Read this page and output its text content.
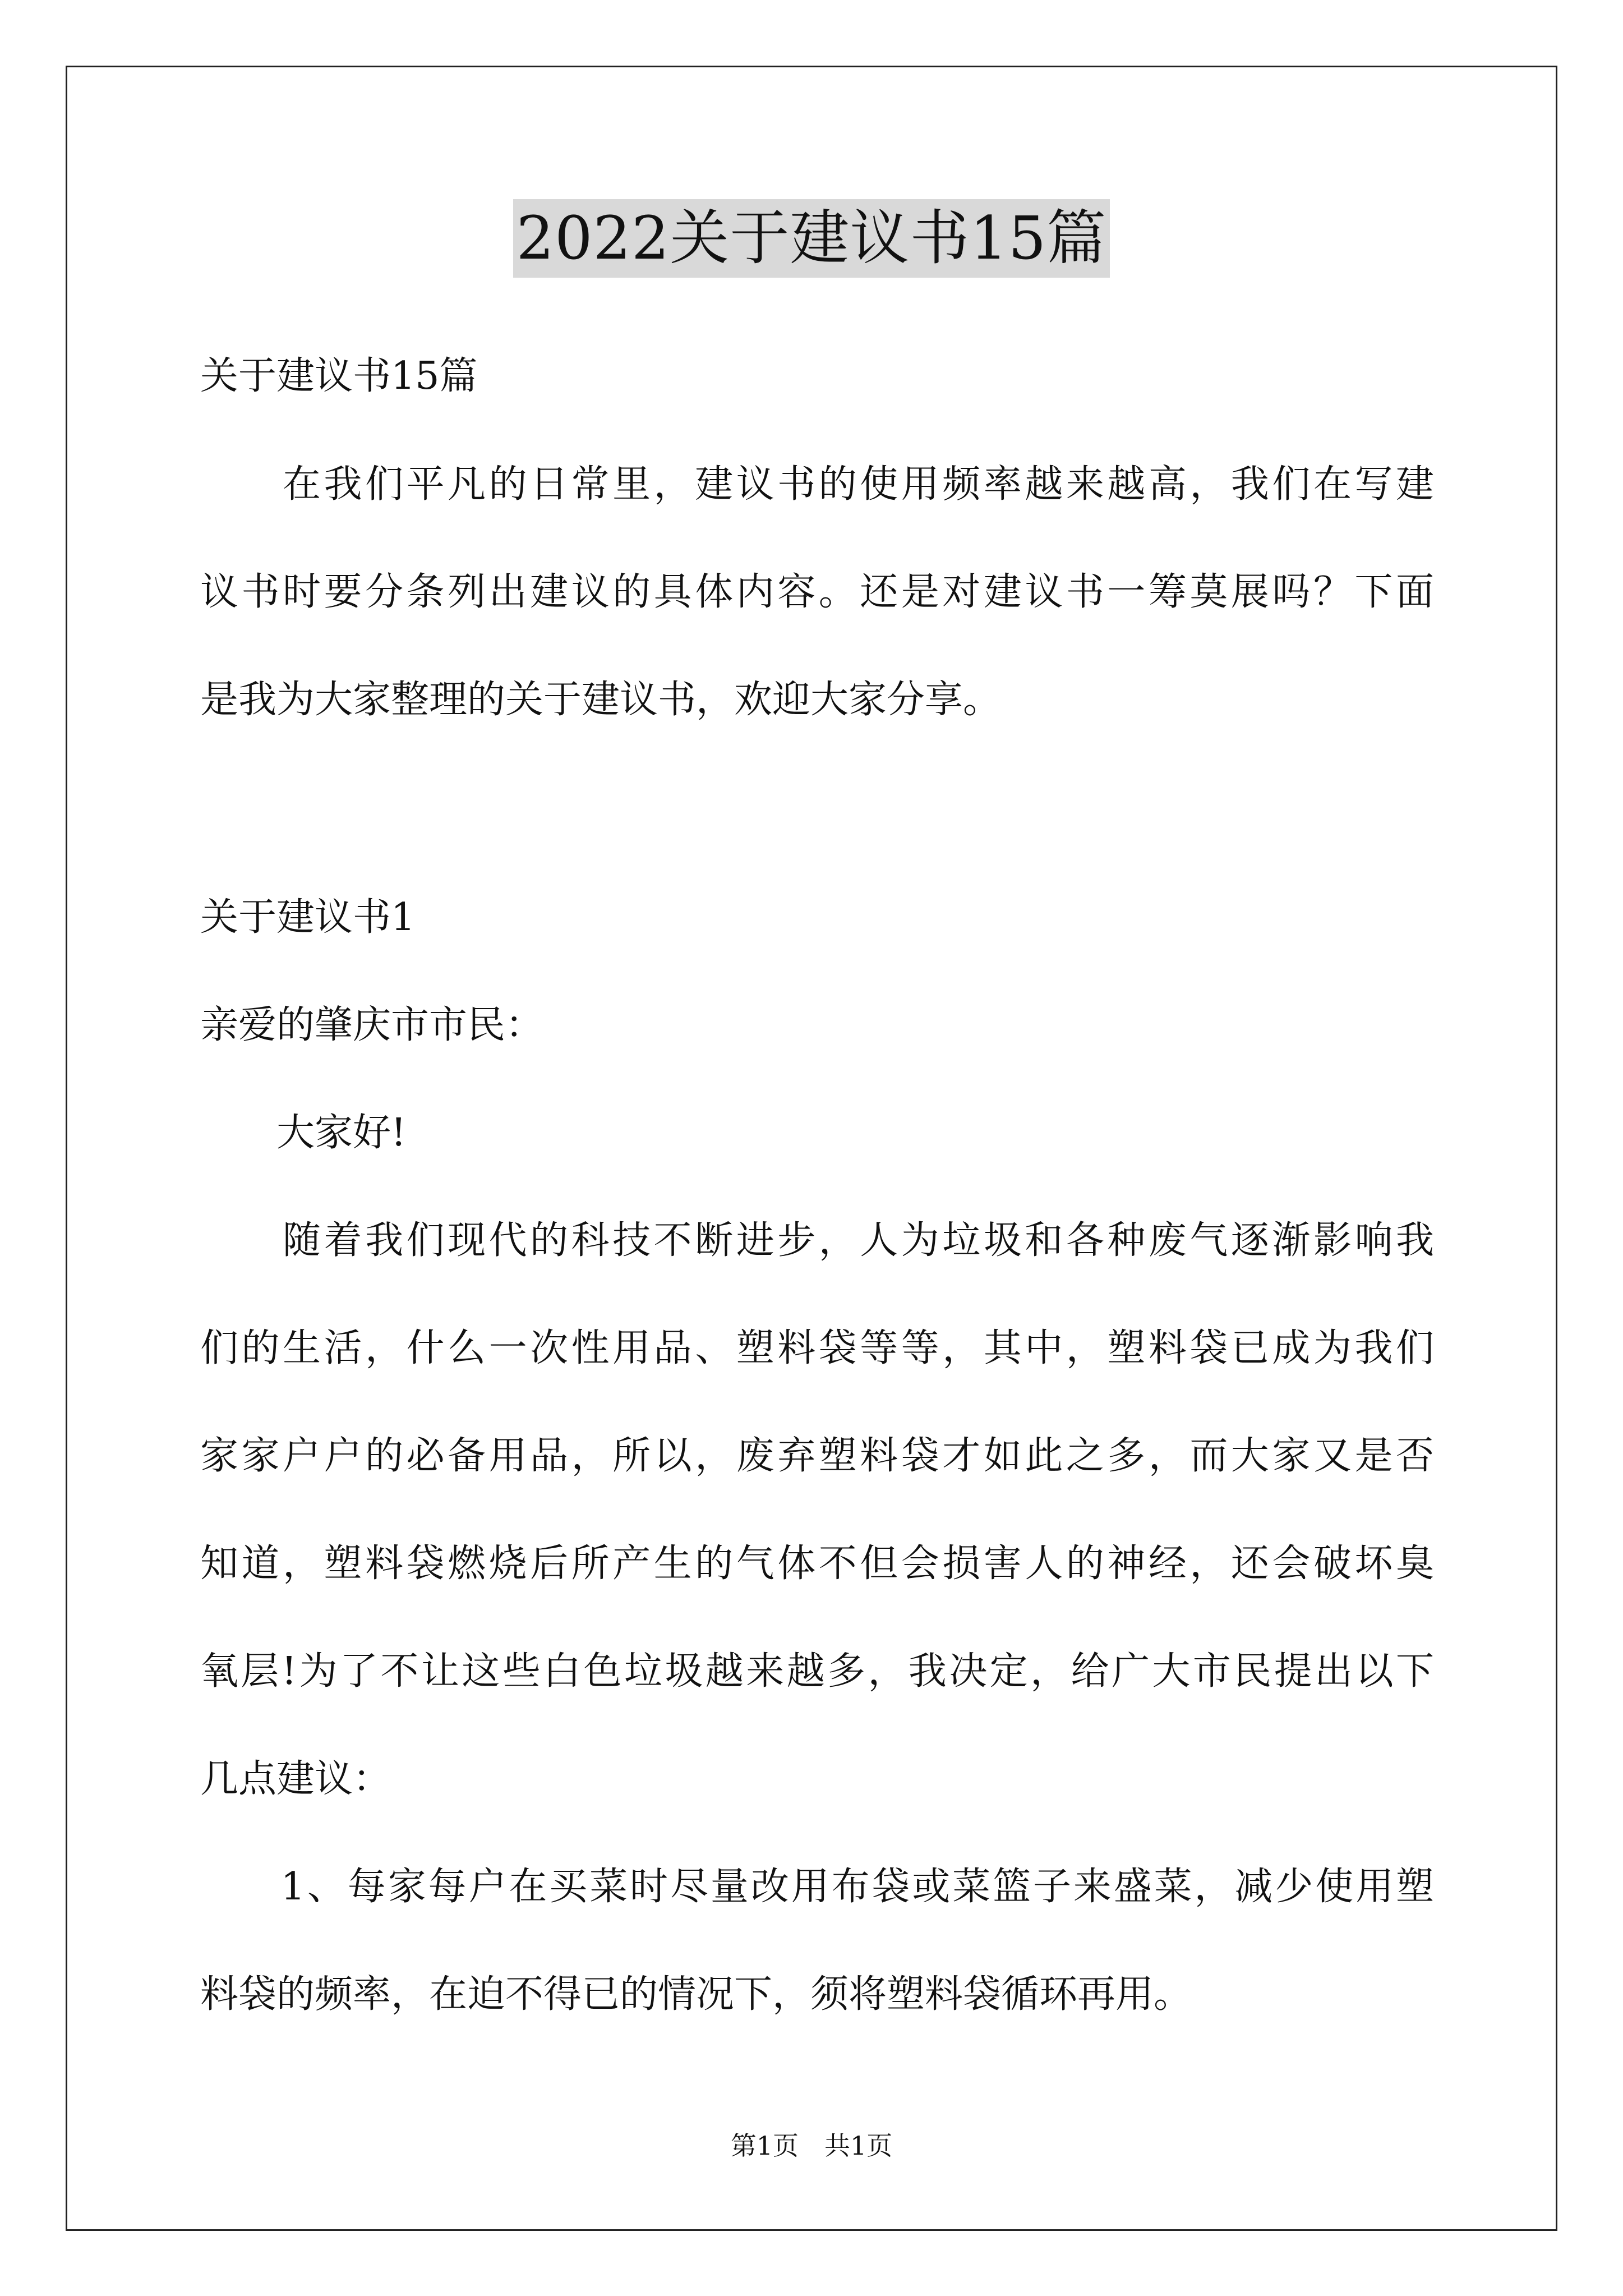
2022关于建议书15篇

关于建议书15篇

　　在我们平凡的日常里，建议书的使用频率越来越高，我们在写建
议书时要分条列出建议的具体内容。还是对建议书一筹莫展吗？下面
是我为大家整理的关于建议书，欢迎大家分享。

关于建议书1

亲爱的肇庆市市民：

　　大家好!

　　随着我们现代的科技不断进步，人为垃圾和各种废气逐渐影响我
们的生活，什么一次性用品、塑料袋等等，其中，塑料袋已成为我们
家家户户的必备用品，所以，废弃塑料袋才如此之多，而大家又是否
知道，塑料袋燃烧后所产生的气体不但会损害人的神经，还会破坏臭
氧层!为了不让这些白色垃圾越来越多，我决定，给广大市民提出以下
几点建议：

　　1、每家每户在买菜时尽量改用布袋或菜篮子来盛菜，减少使用塑
料袋的频率，在迫不得已的情况下，须将塑料袋循环再用。

第1页　共1页
